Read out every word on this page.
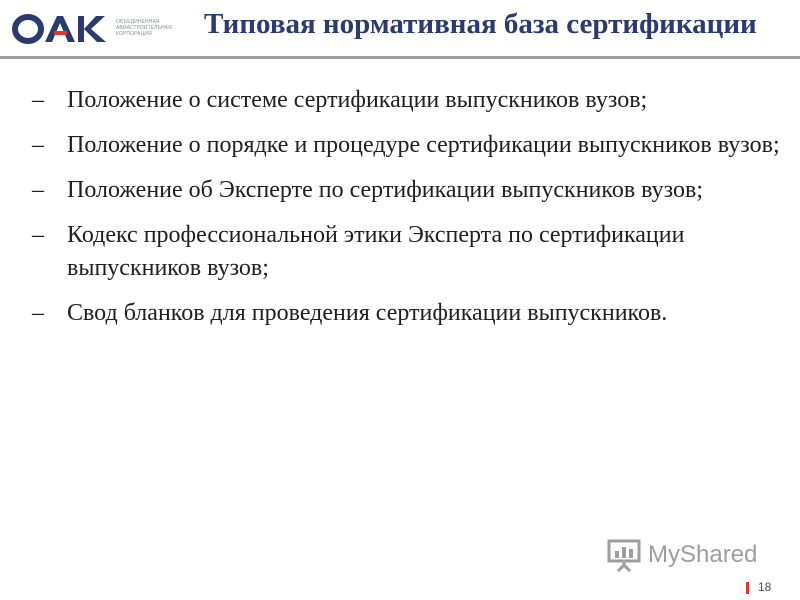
ОБЪЕДИНЕННАЯ
АВИАСТРОИТЕЛЬНАЯ
КОРПОРАЦИЯ	Типовая нормативная база сертификации
– Положение о системе сертификации выпускников вузов;
– Положение о порядке и процедуре сертификации выпускников вузов;
– Положение об Эксперте по сертификации выпускников вузов;
– Кодекс профессиональной этики Эксперта по сертификации выпускников вузов;
– Свод бланков для проведения сертификации выпускников.
MyShared
18
